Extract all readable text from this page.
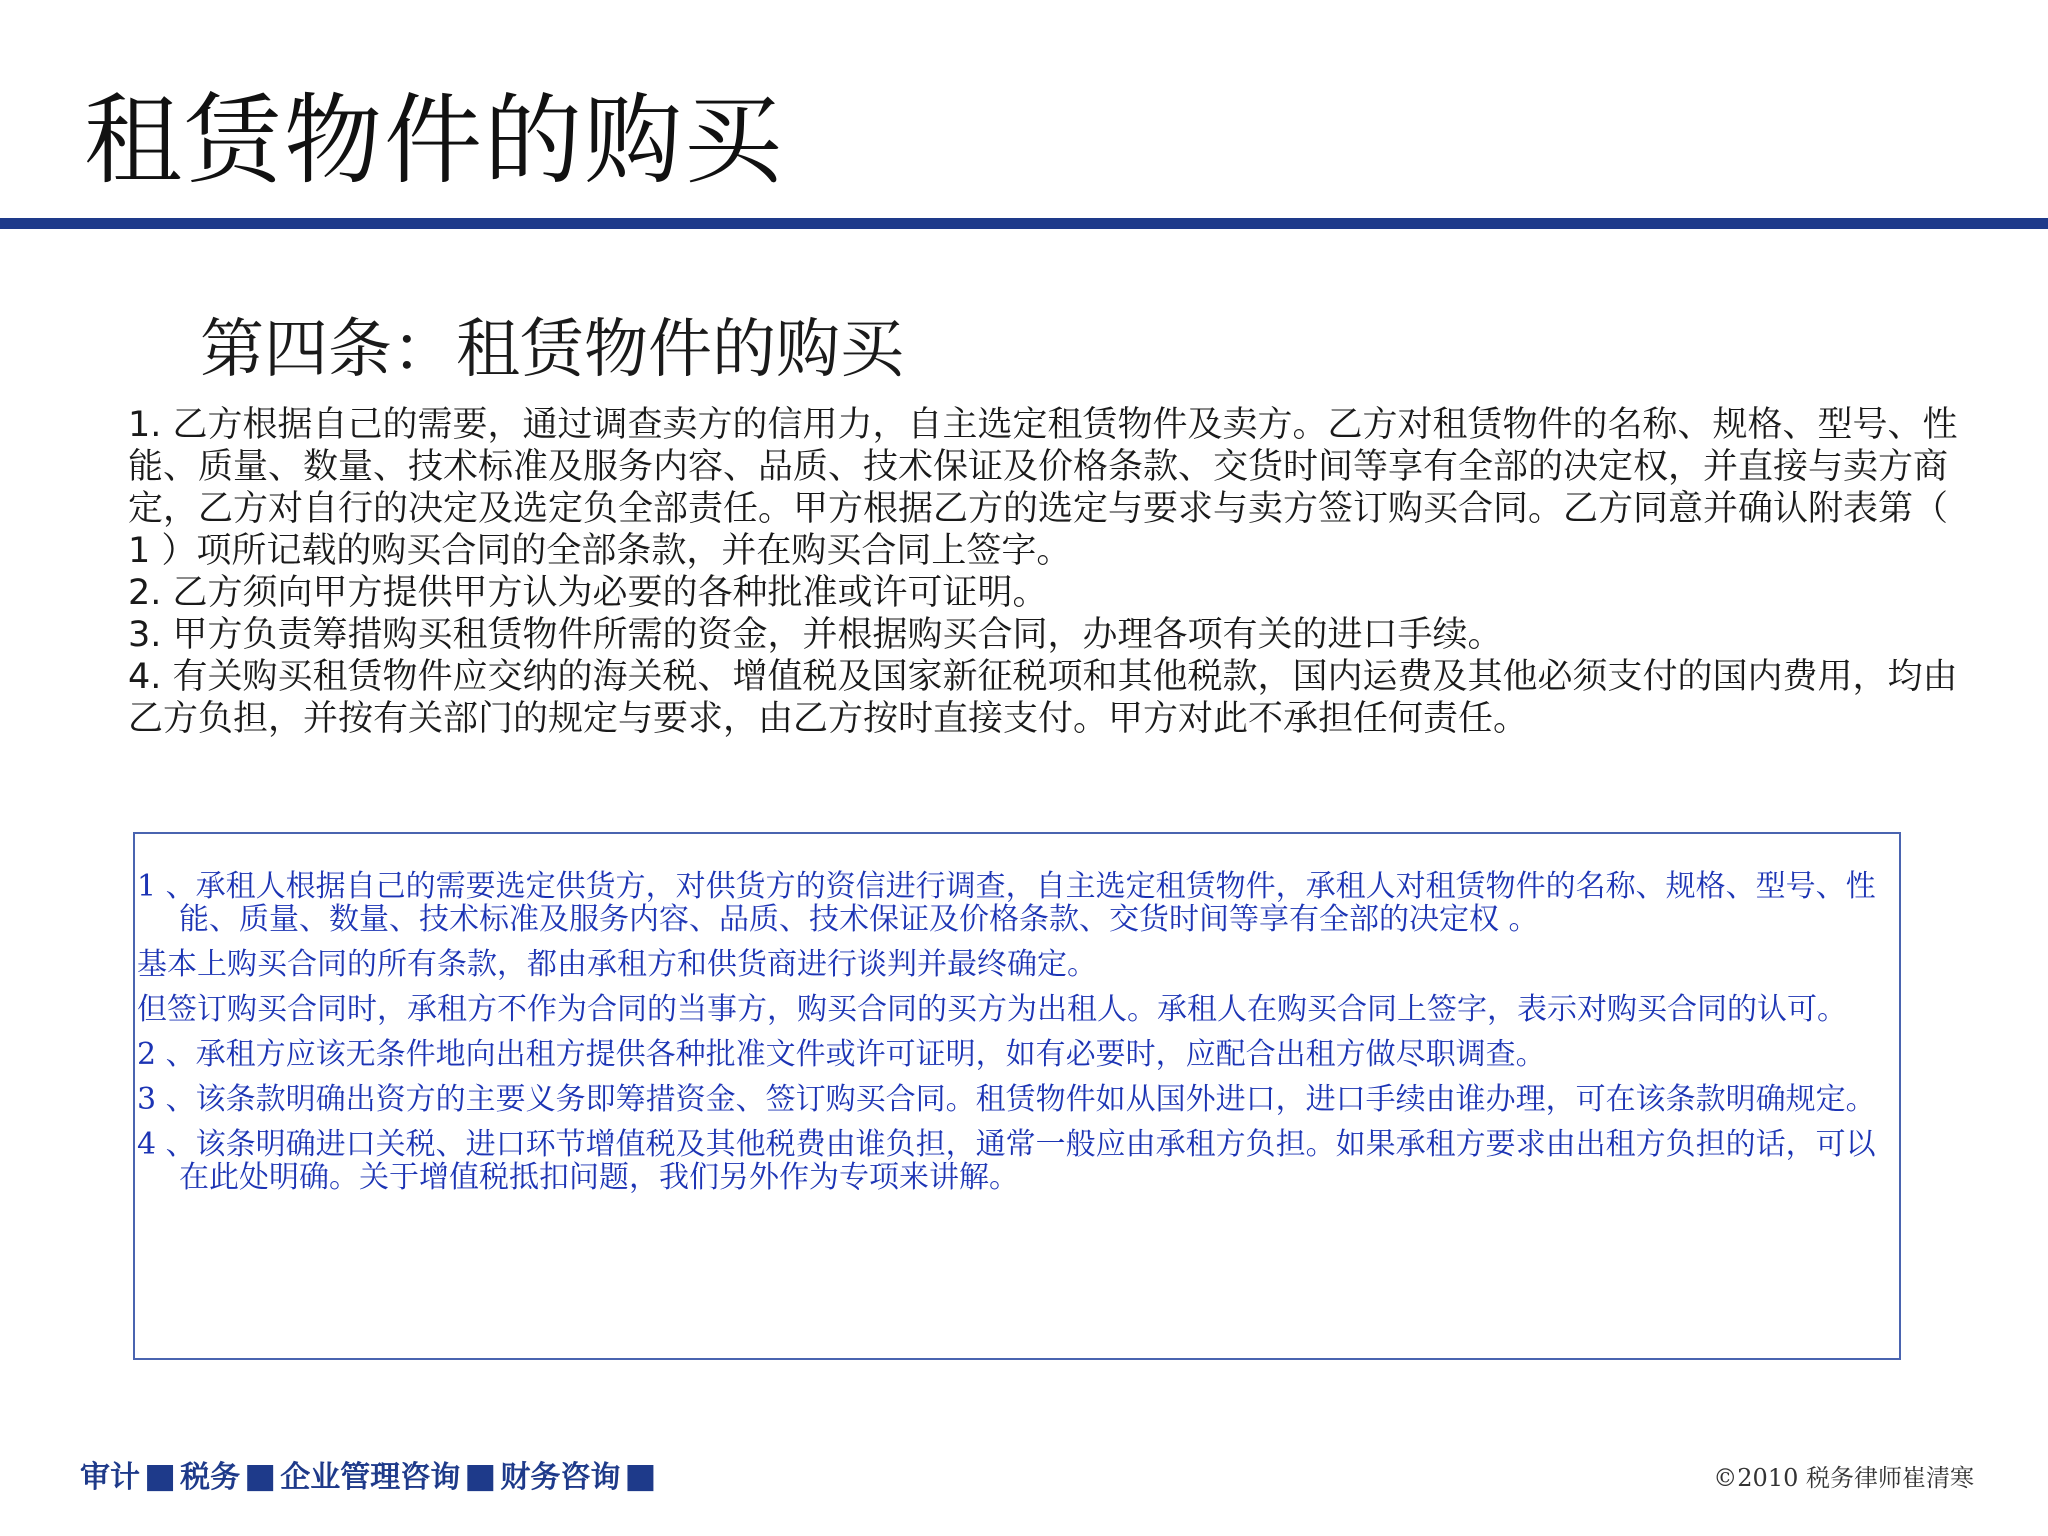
租赁物件的购买
第四条：租赁物件的购买

1. 乙方根据自己的需要，通过调查卖方的信用力，自主选定租赁物件及卖方。乙方对租赁物件的名称、规格、型号、性能、质量、数量、技术标准及服务内容、品质、技术保证及价格条款、交货时间等享有全部的决定权，并直接与卖方商定，乙方对自行的决定及选定负全部责任。甲方根据乙方的选定与要求与卖方签订购买合同。乙方同意并确认附表第（ 1 ）项所记载的购买合同的全部条款，并在购买合同上签字。

2. 乙方须向甲方提供甲方认为必要的各种批准或许可证明。

3. 甲方负责筹措购买租赁物件所需的资金，并根据购买合同，办理各项有关的进口手续。

4. 有关购买租赁物件应交纳的海关税、增值税及国家新征税项和其他税款，国内运费及其他必须支付的国内费用，均由乙方负担，并按有关部门的规定与要求，由乙方按时直接支付。甲方对此不承担任何责任。

1 、承租人根据自己的需要选定供货方，对供货方的资信进行调查，自主选定租赁物件，承租人对租赁物件的名称、规格、型号、性能、质量、数量、技术标准及服务内容、品质、技术保证及价格条款、交货时间等享有全部的决定权 。

基本上购买合同的所有条款，都由承租方和供货商进行谈判并最终确定。

但签订购买合同时，承租方不作为合同的当事方，购买合同的买方为出租人。承租人在购买合同上签字，表示对购买合同的认可。

2 、承租方应该无条件地向出租方提供各种批准文件或许可证明，如有必要时，应配合出租方做尽职调查。

3 、该条款明确出资方的主要义务即筹措资金、签订购买合同。租赁物件如从国外进口，进口手续由谁办理，可在该条款明确规定。

4 、该条明确进口关税、进口环节增值税及其他税费由谁负担，通常一般应由承租方负担。如果承租方要求由出租方负担的话，可以在此处明确。关于增值税抵扣问题，我们另外作为专项来讲解。

审计 ■ 税务 ■ 企业管理咨询 ■ 财务咨询 ■	©2010 税务律师崔清寒
